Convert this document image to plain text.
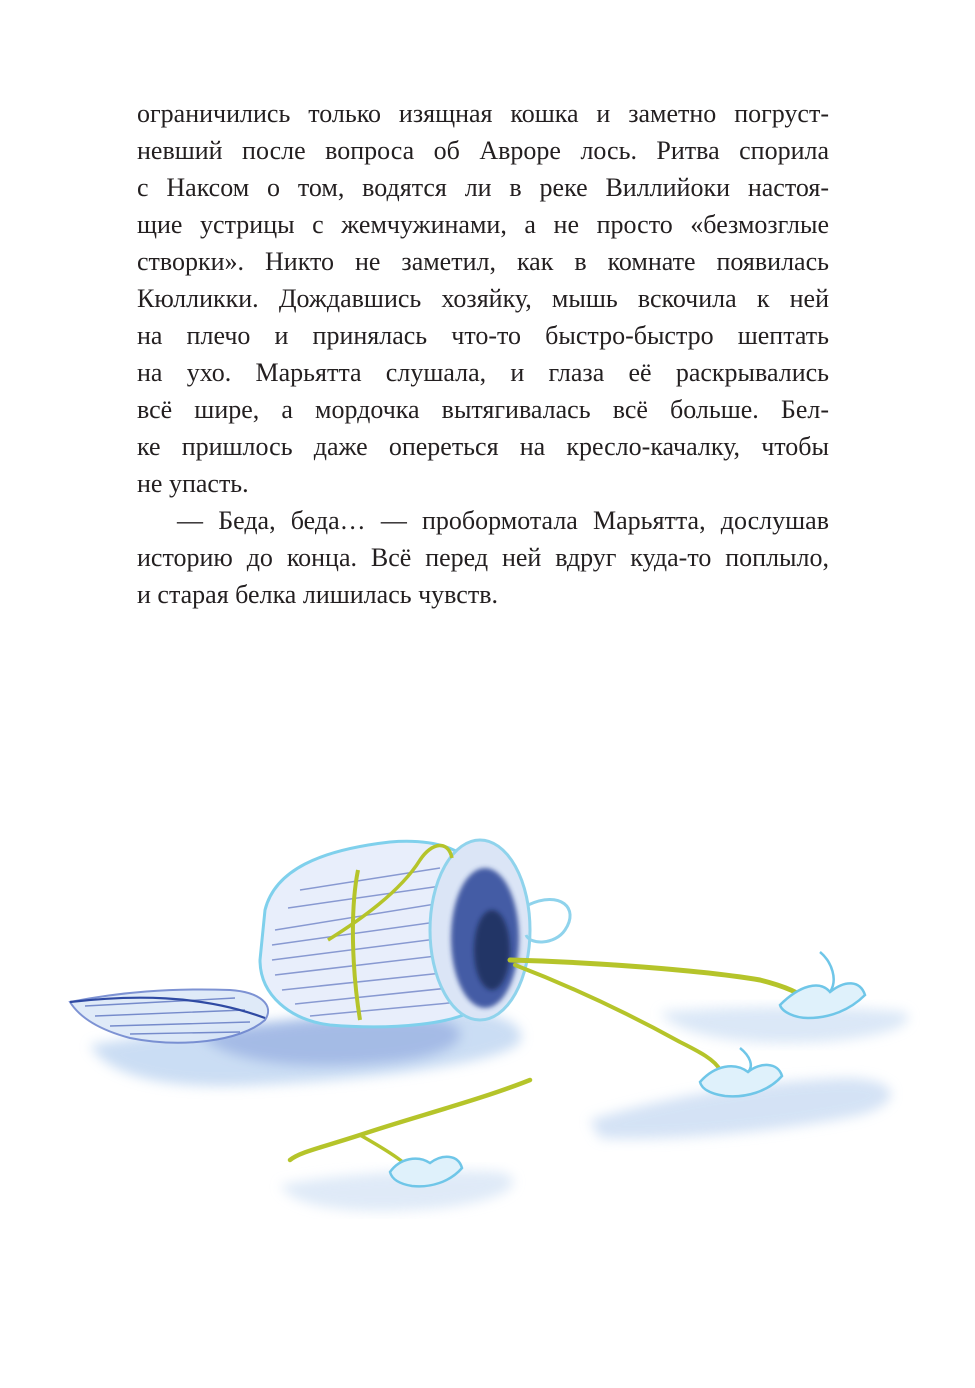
ограничились только изящная кошка и заметно погруст-
невший после вопроса об Авроре лось. Ритва спорила
с Наксом о том, водятся ли в реке Виллийоки настоя-
щие устрицы с жемчужинами, а не просто «безмозглые
створки». Никто не заметил, как в комнате появилась
Кюлликки. Дождавшись хозяйку, мышь вскочила к ней
на плечо и принялась что-то быстро-быстро шептать
на ухо. Марьятта слушала, и глаза её раскрывались
всё шире, а мордочка вытягивалась всё больше. Бел-
ке пришлось даже опереться на кресло-качалку, чтобы
не упасть.
— Беда, беда… — пробормотала Марьятта, дослушав
историю до конца. Всё перед ней вдруг куда-то поплыло,
и старая белка лишилась чувств.
